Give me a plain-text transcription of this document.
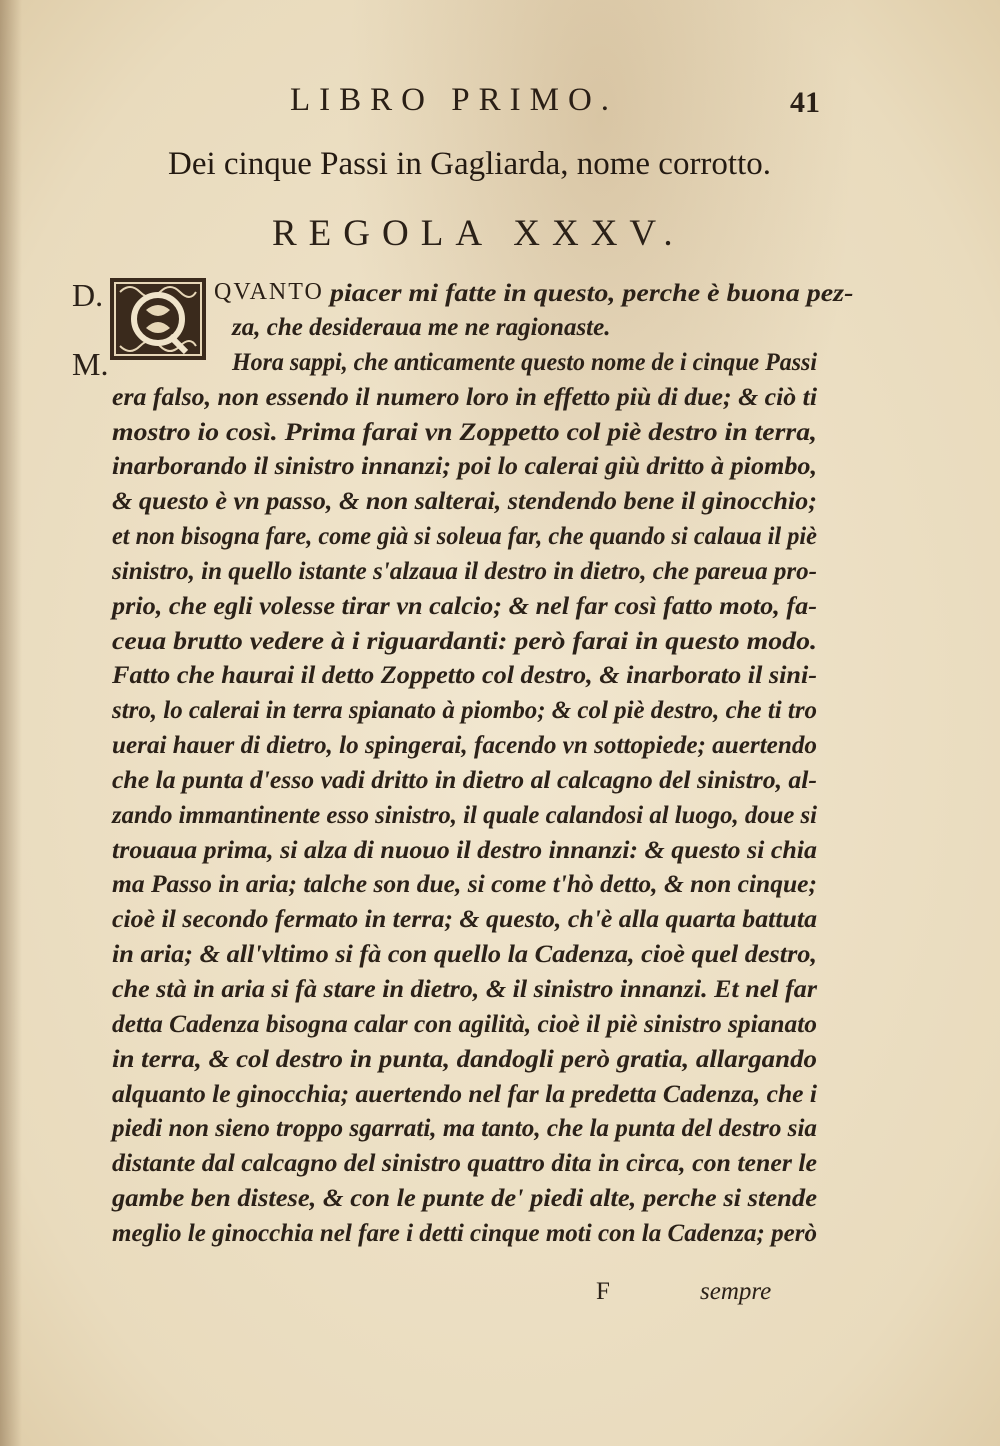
LIBRO PRIMO.	41
Dei cinque Passi in Gagliarda, nome corrotto.
REGOLA XXXV.
D.
M.
QVANTO piacer mi fatte in questo, perche è buona pez-
za, che desideraua me ne ragionaste.
Hora sappi, che anticamente questo nome de i cinque Passi
era falso, non essendo il numero loro in effetto più di due; & ciò ti
mostro io così. Prima farai vn Zoppetto col piè destro in terra,
inarborando il sinistro innanzi; poi lo calerai giù dritto à piombo,
& questo è vn passo, & non salterai, stendendo bene il ginocchio;
et non bisogna fare, come già si soleua far, che quando si calaua il piè
sinistro, in quello istante s'alzaua il destro in dietro, che pareua pro-
prio, che egli volesse tirar vn calcio; & nel far così fatto moto, fa-
ceua brutto vedere à i riguardanti: però farai in questo modo.
Fatto che haurai il detto Zoppetto col destro, & inarborato il sini-
stro, lo calerai in terra spianato à piombo; & col piè destro, che ti tro
uerai hauer di dietro, lo spingerai, facendo vn sottopiede; auertendo
che la punta d'esso vadi dritto in dietro al calcagno del sinistro, al-
zando immantinente esso sinistro, il quale calandosi al luogo, doue si
trouaua prima, si alza di nuouo il destro innanzi: & questo si chia
ma Passo in aria; talche son due, si come t'hò detto, & non cinque;
cioè il secondo fermato in terra; & questo, ch'è alla quarta battuta
in aria; & all'vltimo si fà con quello la Cadenza, cioè quel destro,
che stà in aria si fà stare in dietro, & il sinistro innanzi. Et nel far
detta Cadenza bisogna calar con agilità, cioè il piè sinistro spianato
in terra, & col destro in punta, dandogli però gratia, allargando
alquanto le ginocchia; auertendo nel far la predetta Cadenza, che i
piedi non sieno troppo sgarrati, ma tanto, che la punta del destro sia
distante dal calcagno del sinistro quattro dita in circa, con tener le
gambe ben distese, & con le punte de' piedi alte, perche si stende
meglio le ginocchia nel fare i detti cinque moti con la Cadenza; però
F	sempre
